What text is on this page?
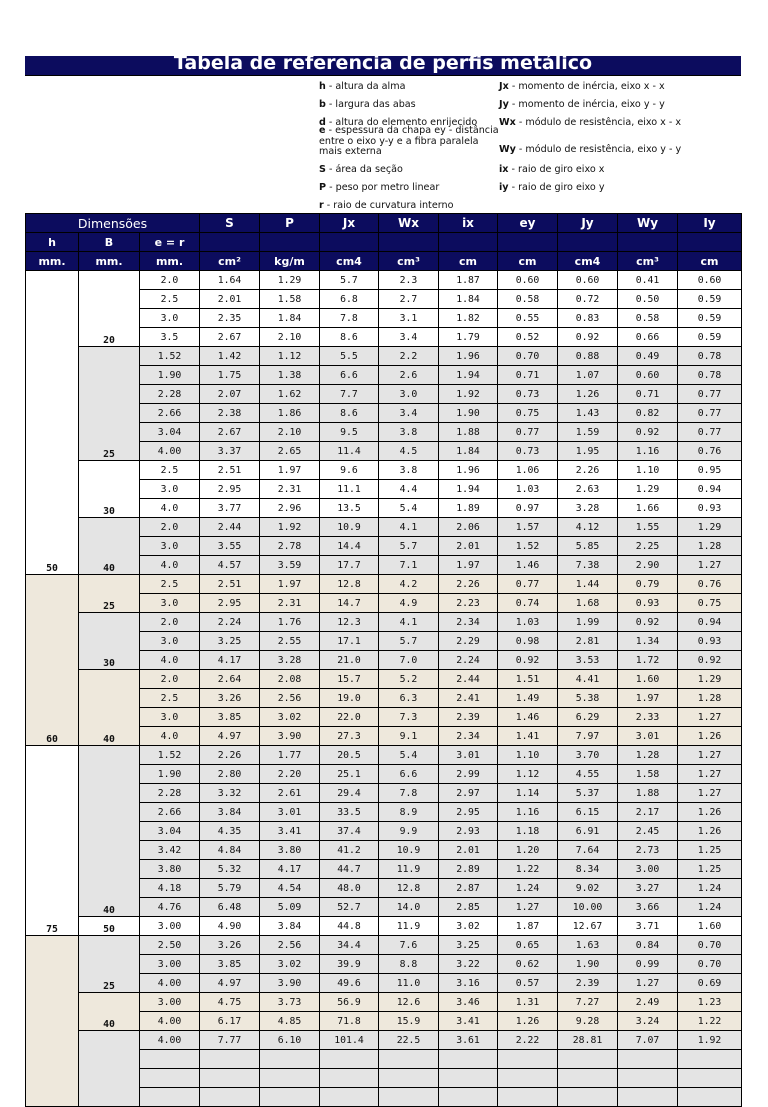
Tabela de referencia de perfis metálico
h - altura da alma
b - largura das abas
d - altura do elemento enrijecido
e - espessura da chapa ey - distância entre o eixo y-y e a fibra paralela mais externa
S - área da seção
P - peso por metro linear
r - raio de curvatura interno
Jx - momento de inércia, eixo x - x
Jy - momento de inércia, eixo y - y
Wx - módulo de resistência, eixo x - x
Wy - módulo de resistência, eixo y - y
ix - raio de giro eixo x
iy - raio de giro eixo y
Dimensões			S	P	Jx	Wx	ix	ey	Jy	Wy	Iy
h	B	e = r									
mm.	mm.	mm.	cm²	kg/m	cm4	cm³	cm	cm	cm4	cm³	cm
50	20	2.0	1.64	1.29	5.7	2.3	1.87	0.60	0.60	0.41	0.60
		2.5	2.01	1.58	6.8	2.7	1.84	0.58	0.72	0.50	0.59
		3.0	2.35	1.84	7.8	3.1	1.82	0.55	0.83	0.58	0.59
		3.5	2.67	2.10	8.6	3.4	1.79	0.52	0.92	0.66	0.59
	25	1.52	1.42	1.12	5.5	2.2	1.96	0.70	0.88	0.49	0.78
		1.90	1.75	1.38	6.6	2.6	1.94	0.71	1.07	0.60	0.78
		2.28	2.07	1.62	7.7	3.0	1.92	0.73	1.26	0.71	0.77
		2.66	2.38	1.86	8.6	3.4	1.90	0.75	1.43	0.82	0.77
		3.04	2.67	2.10	9.5	3.8	1.88	0.77	1.59	0.92	0.77
		4.00	3.37	2.65	11.4	4.5	1.84	0.73	1.95	1.16	0.76
	30	2.5	2.51	1.97	9.6	3.8	1.96	1.06	2.26	1.10	0.95
		3.0	2.95	2.31	11.1	4.4	1.94	1.03	2.63	1.29	0.94
		4.0	3.77	2.96	13.5	5.4	1.89	0.97	3.28	1.66	0.93
	40	2.0	2.44	1.92	10.9	4.1	2.06	1.57	4.12	1.55	1.29
		3.0	3.55	2.78	14.4	5.7	2.01	1.52	5.85	2.25	1.28
		4.0	4.57	3.59	17.7	7.1	1.97	1.46	7.38	2.90	1.27
60	25	2.5	2.51	1.97	12.8	4.2	2.26	0.77	1.44	0.79	0.76
		3.0	2.95	2.31	14.7	4.9	2.23	0.74	1.68	0.93	0.75
	30	2.0	2.24	1.76	12.3	4.1	2.34	1.03	1.99	0.92	0.94
		3.0	3.25	2.55	17.1	5.7	2.29	0.98	2.81	1.34	0.93
		4.0	4.17	3.28	21.0	7.0	2.24	0.92	3.53	1.72	0.92
	40	2.0	2.64	2.08	15.7	5.2	2.44	1.51	4.41	1.60	1.29
		2.5	3.26	2.56	19.0	6.3	2.41	1.49	5.38	1.97	1.28
		3.0	3.85	3.02	22.0	7.3	2.39	1.46	6.29	2.33	1.27
		4.0	4.97	3.90	27.3	9.1	2.34	1.41	7.97	3.01	1.26
75	40	1.52	2.26	1.77	20.5	5.4	3.01	1.10	3.70	1.28	1.27
		1.90	2.80	2.20	25.1	6.6	2.99	1.12	4.55	1.58	1.27
		2.28	3.32	2.61	29.4	7.8	2.97	1.14	5.37	1.88	1.27
		2.66	3.84	3.01	33.5	8.9	2.95	1.16	6.15	2.17	1.26
		3.04	4.35	3.41	37.4	9.9	2.93	1.18	6.91	2.45	1.26
		3.42	4.84	3.80	41.2	10.9	2.01	1.20	7.64	2.73	1.25
		3.80	5.32	4.17	44.7	11.9	2.89	1.22	8.34	3.00	1.25
		4.18	5.79	4.54	48.0	12.8	2.87	1.24	9.02	3.27	1.24
		4.76	6.48	5.09	52.7	14.0	2.85	1.27	10.00	3.66	1.24
	50	3.00	4.90	3.84	44.8	11.9	3.02	1.87	12.67	3.71	1.60
	25	2.50	3.26	2.56	34.4	7.6	3.25	0.65	1.63	0.84	0.70
		3.00	3.85	3.02	39.9	8.8	3.22	0.62	1.90	0.99	0.70
		4.00	4.97	3.90	49.6	11.0	3.16	0.57	2.39	1.27	0.69
	40	3.00	4.75	3.73	56.9	12.6	3.46	1.31	7.27	2.49	1.23
		4.00	6.17	4.85	71.8	15.9	3.41	1.26	9.28	3.24	1.22
		4.00	7.77	6.10	101.4	22.5	3.61	2.22	28.81	7.07	1.92
